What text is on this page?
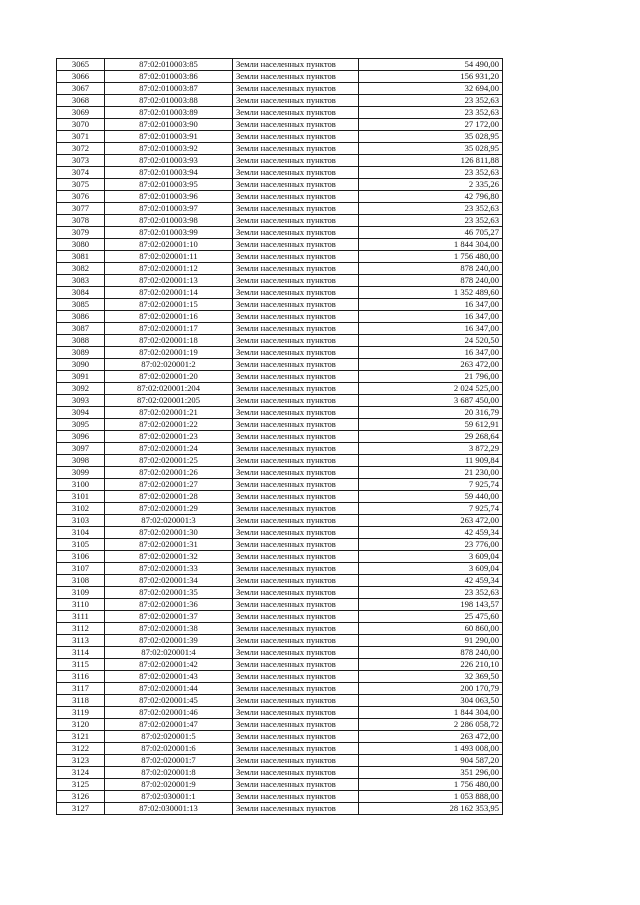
3065	87:02:010003:85	Земли населенных пунктов	54 490,00
3066	87:02:010003:86	Земли населенных пунктов	156 931,20
3067	87:02:010003:87	Земли населенных пунктов	32 694,00
3068	87:02:010003:88	Земли населенных пунктов	23 352,63
3069	87:02:010003:89	Земли населенных пунктов	23 352,63
3070	87:02:010003:90	Земли населенных пунктов	27 172,00
3071	87:02:010003:91	Земли населенных пунктов	35 028,95
3072	87:02:010003:92	Земли населенных пунктов	35 028,95
3073	87:02:010003:93	Земли населенных пунктов	126 811,88
3074	87:02:010003:94	Земли населенных пунктов	23 352,63
3075	87:02:010003:95	Земли населенных пунктов	2 335,26
3076	87:02:010003:96	Земли населенных пунктов	42 796,80
3077	87:02:010003:97	Земли населенных пунктов	23 352,63
3078	87:02:010003:98	Земли населенных пунктов	23 352,63
3079	87:02:010003:99	Земли населенных пунктов	46 705,27
3080	87:02:020001:10	Земли населенных пунктов	1 844 304,00
3081	87:02:020001:11	Земли населенных пунктов	1 756 480,00
3082	87:02:020001:12	Земли населенных пунктов	878 240,00
3083	87:02:020001:13	Земли населенных пунктов	878 240,00
3084	87:02:020001:14	Земли населенных пунктов	1 352 489,60
3085	87:02:020001:15	Земли населенных пунктов	16 347,00
3086	87:02:020001:16	Земли населенных пунктов	16 347,00
3087	87:02:020001:17	Земли населенных пунктов	16 347,00
3088	87:02:020001:18	Земли населенных пунктов	24 520,50
3089	87:02:020001:19	Земли населенных пунктов	16 347,00
3090	87:02:020001:2	Земли населенных пунктов	263 472,00
3091	87:02:020001:20	Земли населенных пунктов	21 796,00
3092	87:02:020001:204	Земли населенных пунктов	2 024 525,00
3093	87:02:020001:205	Земли населенных пунктов	3 687 450,00
3094	87:02:020001:21	Земли населенных пунктов	20 316,79
3095	87:02:020001:22	Земли населенных пунктов	59 612,91
3096	87:02:020001:23	Земли населенных пунктов	29 268,64
3097	87:02:020001:24	Земли населенных пунктов	3 872,29
3098	87:02:020001:25	Земли населенных пунктов	11 909,84
3099	87:02:020001:26	Земли населенных пунктов	21 230,00
3100	87:02:020001:27	Земли населенных пунктов	7 925,74
3101	87:02:020001:28	Земли населенных пунктов	59 440,00
3102	87:02:020001:29	Земли населенных пунктов	7 925,74
3103	87:02:020001:3	Земли населенных пунктов	263 472,00
3104	87:02:020001:30	Земли населенных пунктов	42 459,34
3105	87:02:020001:31	Земли населенных пунктов	23 776,00
3106	87:02:020001:32	Земли населенных пунктов	3 609,04
3107	87:02:020001:33	Земли населенных пунктов	3 609,04
3108	87:02:020001:34	Земли населенных пунктов	42 459,34
3109	87:02:020001:35	Земли населенных пунктов	23 352,63
3110	87:02:020001:36	Земли населенных пунктов	198 143,57
3111	87:02:020001:37	Земли населенных пунктов	25 475,60
3112	87:02:020001:38	Земли населенных пунктов	60 860,00
3113	87:02:020001:39	Земли населенных пунктов	91 290,00
3114	87:02:020001:4	Земли населенных пунктов	878 240,00
3115	87:02:020001:42	Земли населенных пунктов	226 210,10
3116	87:02:020001:43	Земли населенных пунктов	32 369,50
3117	87:02:020001:44	Земли населенных пунктов	200 170,79
3118	87:02:020001:45	Земли населенных пунктов	304 063,50
3119	87:02:020001:46	Земли населенных пунктов	1 844 304,00
3120	87:02:020001:47	Земли населенных пунктов	2 286 058,72
3121	87:02:020001:5	Земли населенных пунктов	263 472,00
3122	87:02:020001:6	Земли населенных пунктов	1 493 008,00
3123	87:02:020001:7	Земли населенных пунктов	904 587,20
3124	87:02:020001:8	Земли населенных пунктов	351 296,00
3125	87:02:020001:9	Земли населенных пунктов	1 756 480,00
3126	87:02:030001:1	Земли населенных пунктов	1 053 888,00
3127	87:02:030001:13	Земли населенных пунктов	28 162 353,95
